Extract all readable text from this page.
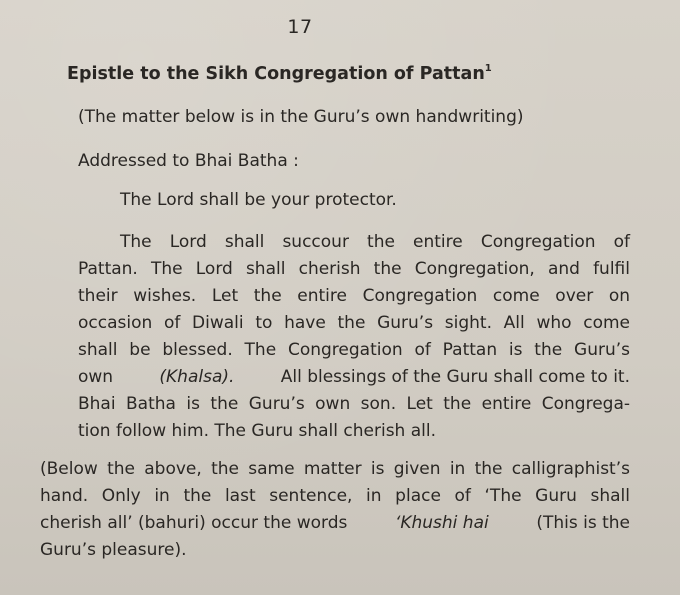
17
Epistle to the Sikh Congregation of Pattan$^1$
(The matter below is in the Guru’s own handwriting)
Addressed to Bhai Batha :
The Lord shall be your protector.
The Lord shall succour the entire Congregation of
Pattan. The Lord shall cherish the Congregation, and fulfil
their wishes. Let the entire Congregation come over on
occasion of Diwali to have the Guru’s sight. All who come
shall be blessed. The Congregation of Pattan is the Guru’s
own	(Khalsa).	All blessings of the Guru shall come to it.
Bhai Batha is the Guru’s own son. Let the entire Congrega-
tion follow him. The Guru shall cherish all.
(Below the above, the same matter is given in the calligraphist’s
hand. Only in the last sentence, in place of ‘The Guru shall
cherish all’ (bahuri) occur the words	‘Khushi hai	(This is the
Guru’s pleasure).
